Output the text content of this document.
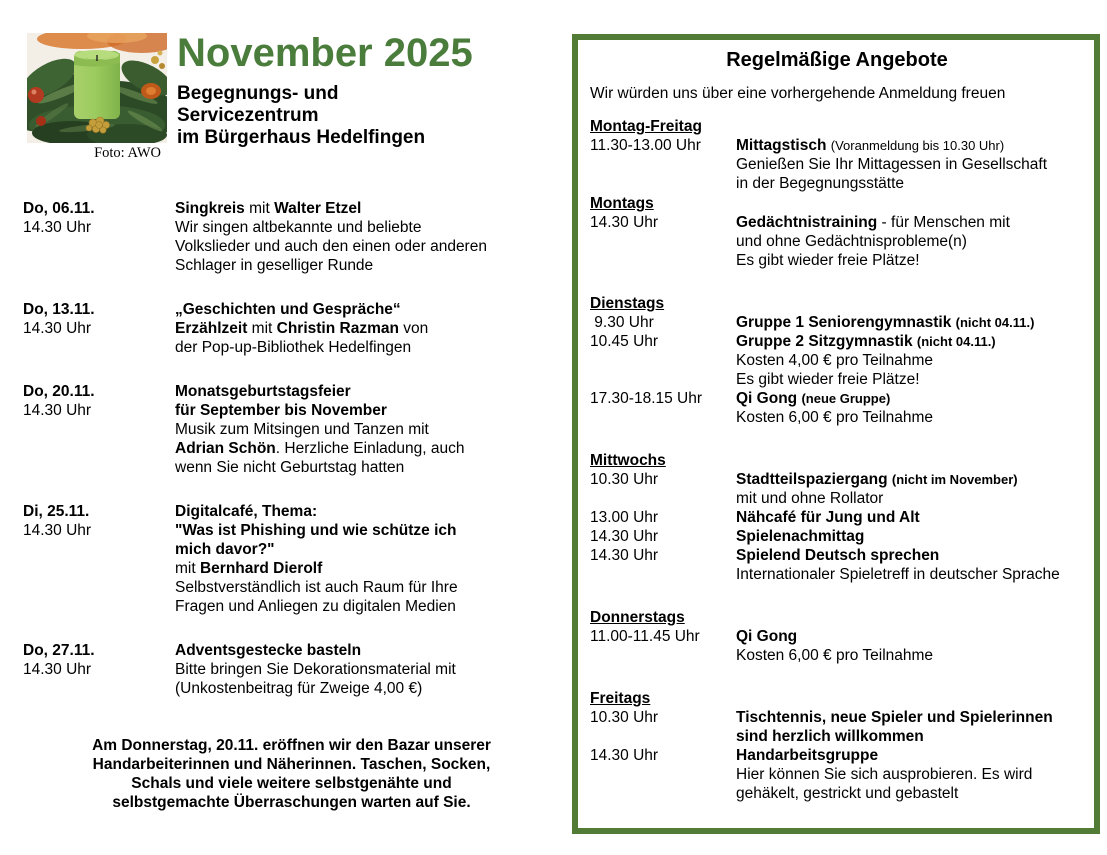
Foto: AWO
November 2025
Begegnungs- und
Servicezentrum
im Bürgerhaus Hedelfingen
Do, 06.11.
14.30 Uhr
Singkreis mit Walter Etzel
Wir singen altbekannte und beliebte
Volkslieder und auch den einen oder anderen
Schlager in geselliger Runde
Do, 13.11.
14.30 Uhr
„Geschichten und Gespräche“
Erzählzeit mit Christin Razman von
der Pop-up-Bibliothek Hedelfingen
Do, 20.11.
14.30 Uhr
Monatsgeburtstagsfeier
für September bis November
Musik zum Mitsingen und Tanzen mit
Adrian Schön. Herzliche Einladung, auch
wenn Sie nicht Geburtstag hatten
Di, 25.11.
14.30 Uhr
Digitalcafé, Thema:
"Was ist Phishing und wie schütze ich
mich davor?"
mit Bernhard Dierolf
Selbstverständlich ist auch Raum für Ihre
Fragen und Anliegen zu digitalen Medien
Do, 27.11.
14.30 Uhr
Adventsgestecke basteln
Bitte bringen Sie Dekorationsmaterial mit
(Unkostenbeitrag für Zweige 4,00 €)
Am Donnerstag, 20.11. eröffnen wir den Bazar unserer
Handarbeiterinnen und Näherinnen. Taschen, Socken,
Schals und viele weitere selbstgenähte und
selbstgemachte Überraschungen warten auf Sie.
Regelmäßige Angebote
Wir würden uns über eine vorhergehende Anmeldung freuen
Montag-Freitag
11.30-13.00 Uhr	Mittagstisch (Voranmeldung bis 10.30 Uhr)
Genießen Sie Ihr Mittagessen in Gesellschaft
in der Begegnungsstätte
Montags
14.30 Uhr	Gedächtnistraining - für Menschen mit
und ohne Gedächtnisprobleme(n)
Es gibt wieder freie Plätze!
Dienstags
9.30 Uhr	Gruppe 1 Seniorengymnastik (nicht 04.11.)
10.45 Uhr	Gruppe 2 Sitzgymnastik (nicht 04.11.)
Kosten 4,00 € pro Teilnahme
Es gibt wieder freie Plätze!
17.30-18.15 Uhr	Qi Gong (neue Gruppe)
Kosten 6,00 € pro Teilnahme
Mittwochs
10.30 Uhr	Stadtteilspaziergang (nicht im November)
mit und ohne Rollator
13.00 Uhr	Nähcafé für Jung und Alt
14.30 Uhr	Spielenachmittag
14.30 Uhr	Spielend Deutsch sprechen
Internationaler Spieletreff in deutscher Sprache
Donnerstags
11.00-11.45 Uhr	Qi Gong
Kosten 6,00 € pro Teilnahme
Freitags
10.30 Uhr	Tischtennis, neue Spieler und Spielerinnen
sind herzlich willkommen
14.30 Uhr	Handarbeitsgruppe
Hier können Sie sich ausprobieren. Es wird
gehäkelt, gestrickt und gebastelt
